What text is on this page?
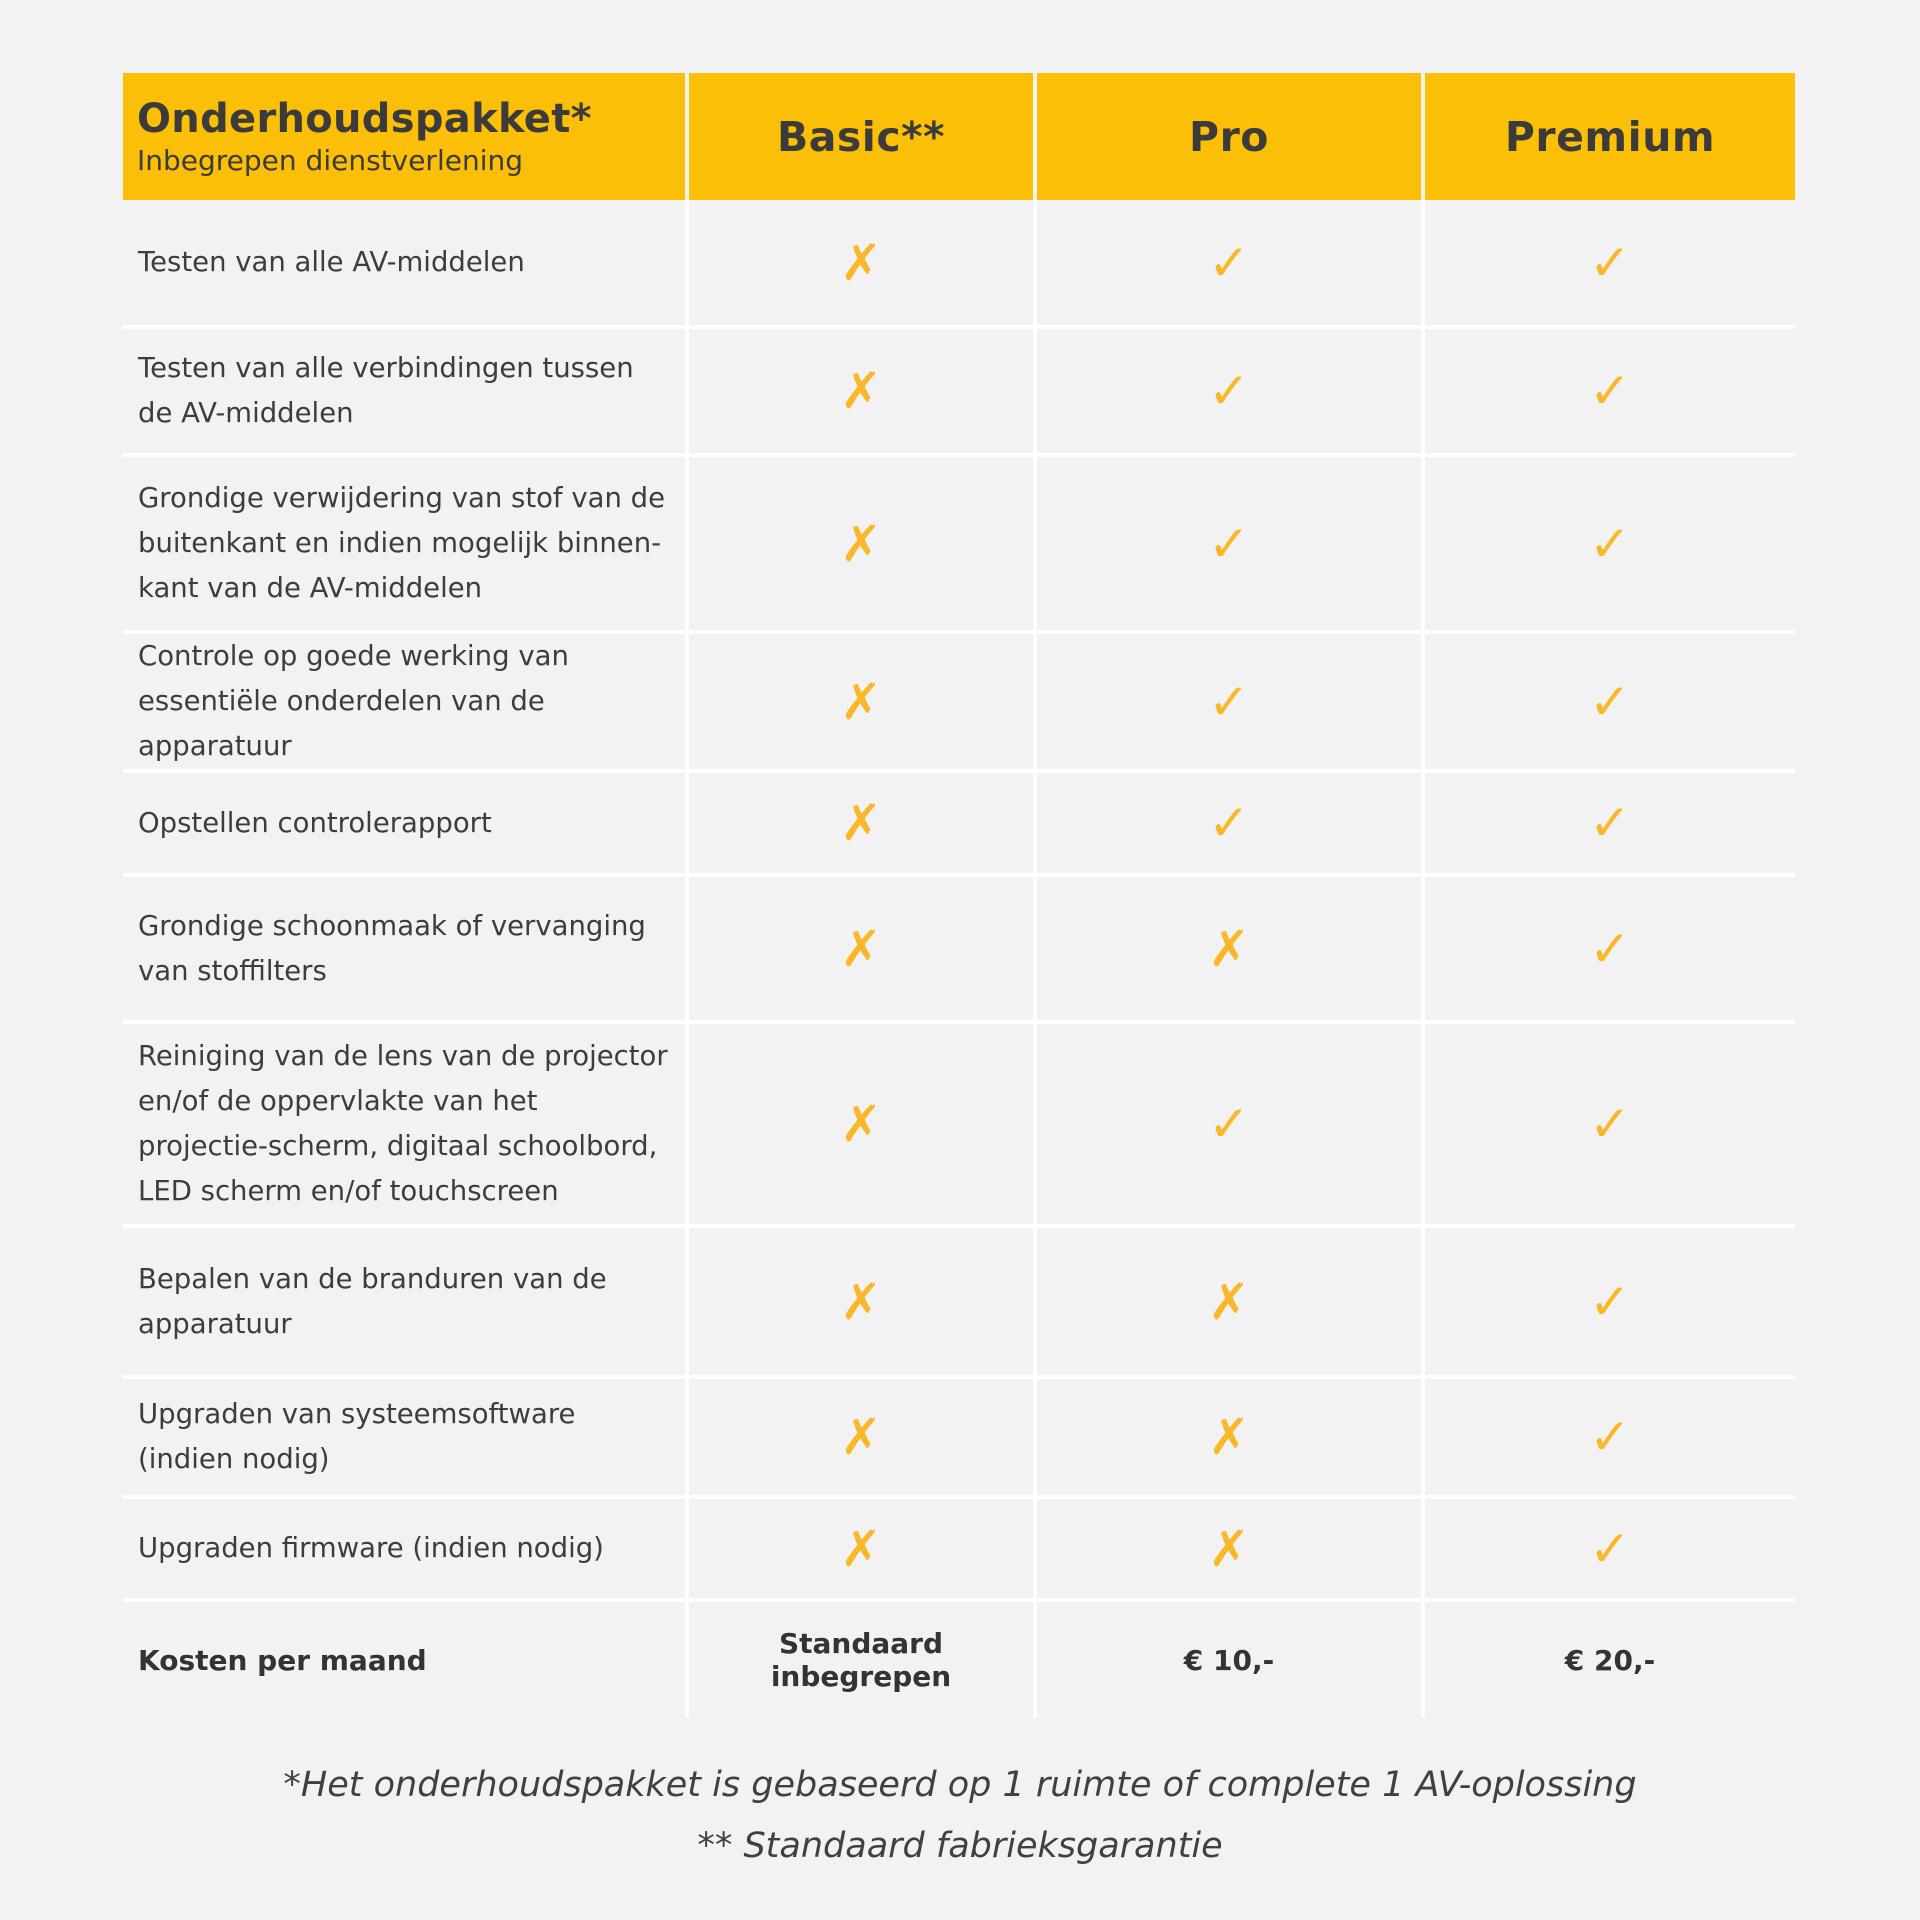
Onderhoudspakket*
Inbegrepen dienstverlening	Basic**	Pro	Premium
Testen van alle AV-middelen	✗	✓	✓
Testen van alle verbindingen tussen de AV-middelen	✗	✓	✓
Grondige verwijdering van stof van de buitenkant en indien mogelijk binnen-kant van de AV-middelen	✗	✓	✓
Controle op goede werking van essentiële onderdelen van de apparatuur	✗	✓	✓
Opstellen controlerapport	✗	✓	✓
Grondige schoonmaak of vervanging van stoffilters	✗	✗	✓
Reiniging van de lens van de projector en/of de oppervlakte van het projectie-scherm, digitaal schoolbord, LED scherm en/of touchscreen	✗	✓	✓
Bepalen van de branduren van de apparatuur	✗	✗	✓
Upgraden van systeemsoftware (indien nodig)	✗	✗	✓
Upgraden firmware (indien nodig)	✗	✗	✓
Kosten per maand	Standaard inbegrepen	€ 10,-	€ 20,-
*Het onderhoudspakket is gebaseerd op 1 ruimte of complete 1 AV-oplossing
** Standaard fabrieksgarantie
